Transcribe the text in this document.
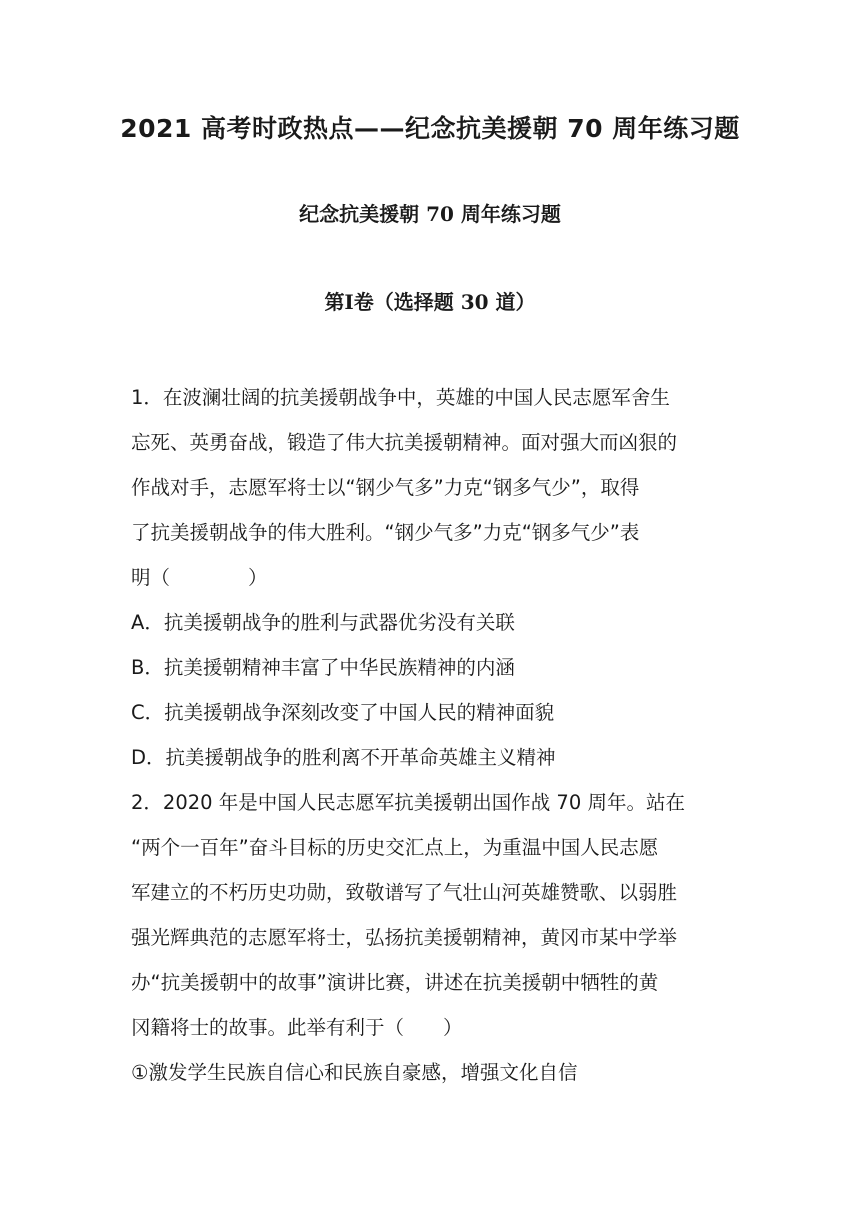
2021 高考时政热点——纪念抗美援朝 70 周年练习题
纪念抗美援朝 70 周年练习题
第Ⅰ卷（选择题 30 道）
1．在波澜壮阔的抗美援朝战争中，英雄的中国人民志愿军舍生
忘死、英勇奋战，锻造了伟大抗美援朝精神。面对强大而凶狠的
作战对手，志愿军将士以“钢少气多”力克“钢多气少”，取得
了抗美援朝战争的伟大胜利。“钢少气多”力克“钢多气少”表
明（　　　　）
A．抗美援朝战争的胜利与武器优劣没有关联
B．抗美援朝精神丰富了中华民族精神的内涵
C．抗美援朝战争深刻改变了中国人民的精神面貌
D．抗美援朝战争的胜利离不开革命英雄主义精神
2．2020 年是中国人民志愿军抗美援朝出国作战 70 周年。站在
“两个一百年”奋斗目标的历史交汇点上，为重温中国人民志愿
军建立的不朽历史功勋，致敬谱写了气壮山河英雄赞歌、以弱胜
强光辉典范的志愿军将士，弘扬抗美援朝精神，黄冈市某中学举
办“抗美援朝中的故事”演讲比赛，讲述在抗美援朝中牺牲的黄
冈籍将士的故事。此举有利于（　　）
①激发学生民族自信心和民族自豪感，增强文化自信
